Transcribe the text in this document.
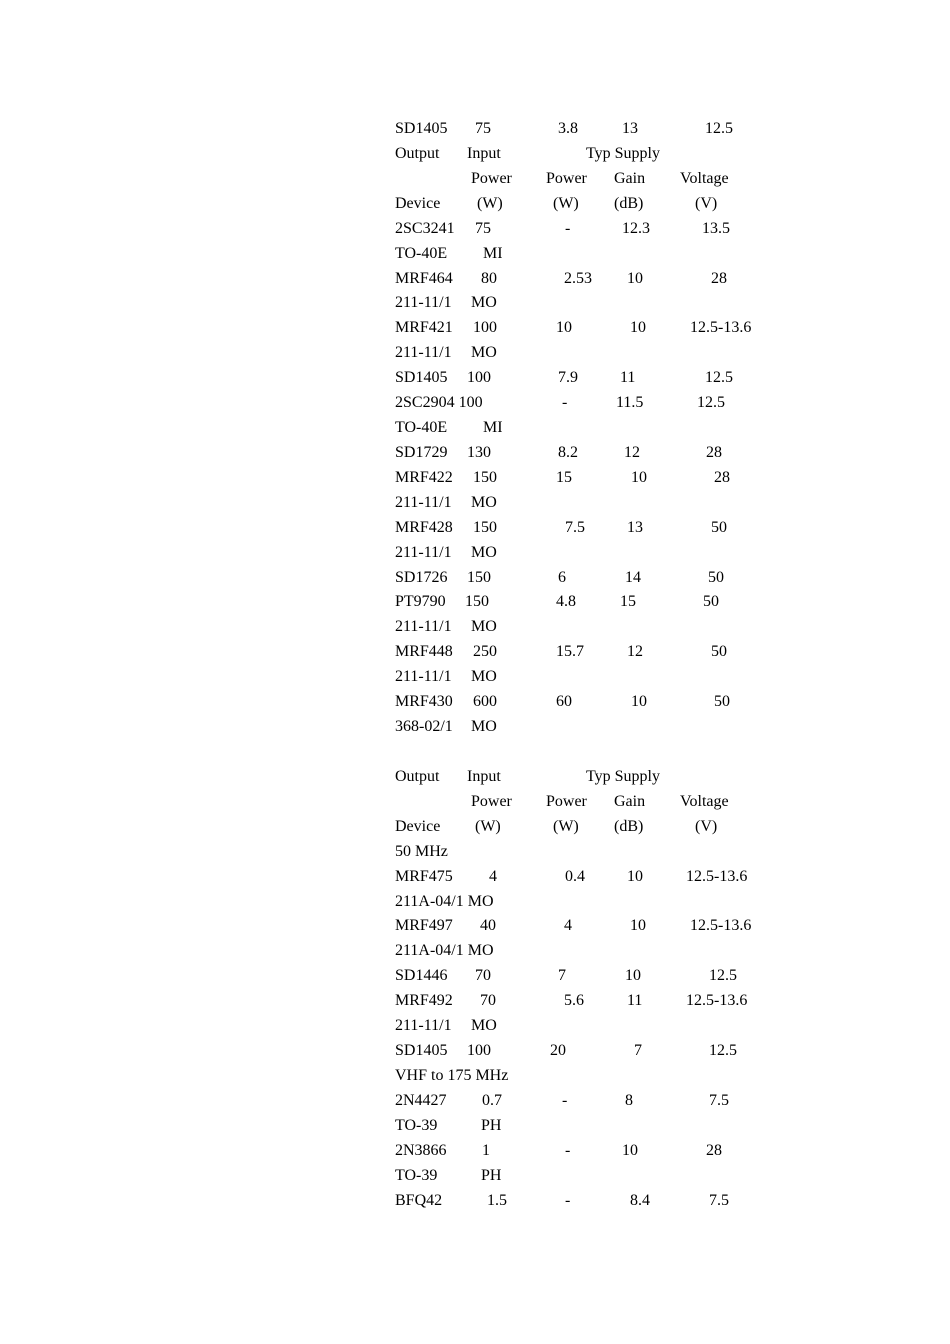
SD1405 75	3.8	13	12.5
Output Input	Typ Supply
Power Power Gain Voltage
Device (W)	(W) (dB)	(V)
2SC3241 75	-	12.3	13.5
TO-40E MI
MRF464 80	2.53 10	28
211-11/1 MO
MRF421 100	10	10	12.5-13.6
211-11/1 MO
SD1405 100	7.9	11	12.5
2SC2904 100	-	11.5	12.5
TO-40E MI
SD1729 130	8.2	12	28
MRF422 150	15	10	28
211-11/1 MO
MRF428 150	7.5	13	50
211-11/1 MO
SD1726 150	6	14	50
PT9790 150	4.8	15	50
211-11/1 MO
MRF448 250	15.7	12	50
211-11/1 MO
MRF430 600	60	10	50
368-02/1 MO
Output Input	Typ Supply
Power Power Gain Voltage
Device (W)	(W) (dB)	(V)
50 MHz
MRF475 4	0.4	10	12.5-13.6
211A-04/1 MO
MRF497 40	4	10	12.5-13.6
211A-04/1 MO
SD1446 70	7	10	12.5
MRF492 70	5.6	11	12.5-13.6
211-11/1 MO
SD1405 100	20	7	12.5
VHF to 175 MHz
2N4427 0.7	-	8	7.5
TO-39	PH
2N3866 1	-	10	28
TO-39	PH
BFQ42	1.5	-	8.4	7.5
